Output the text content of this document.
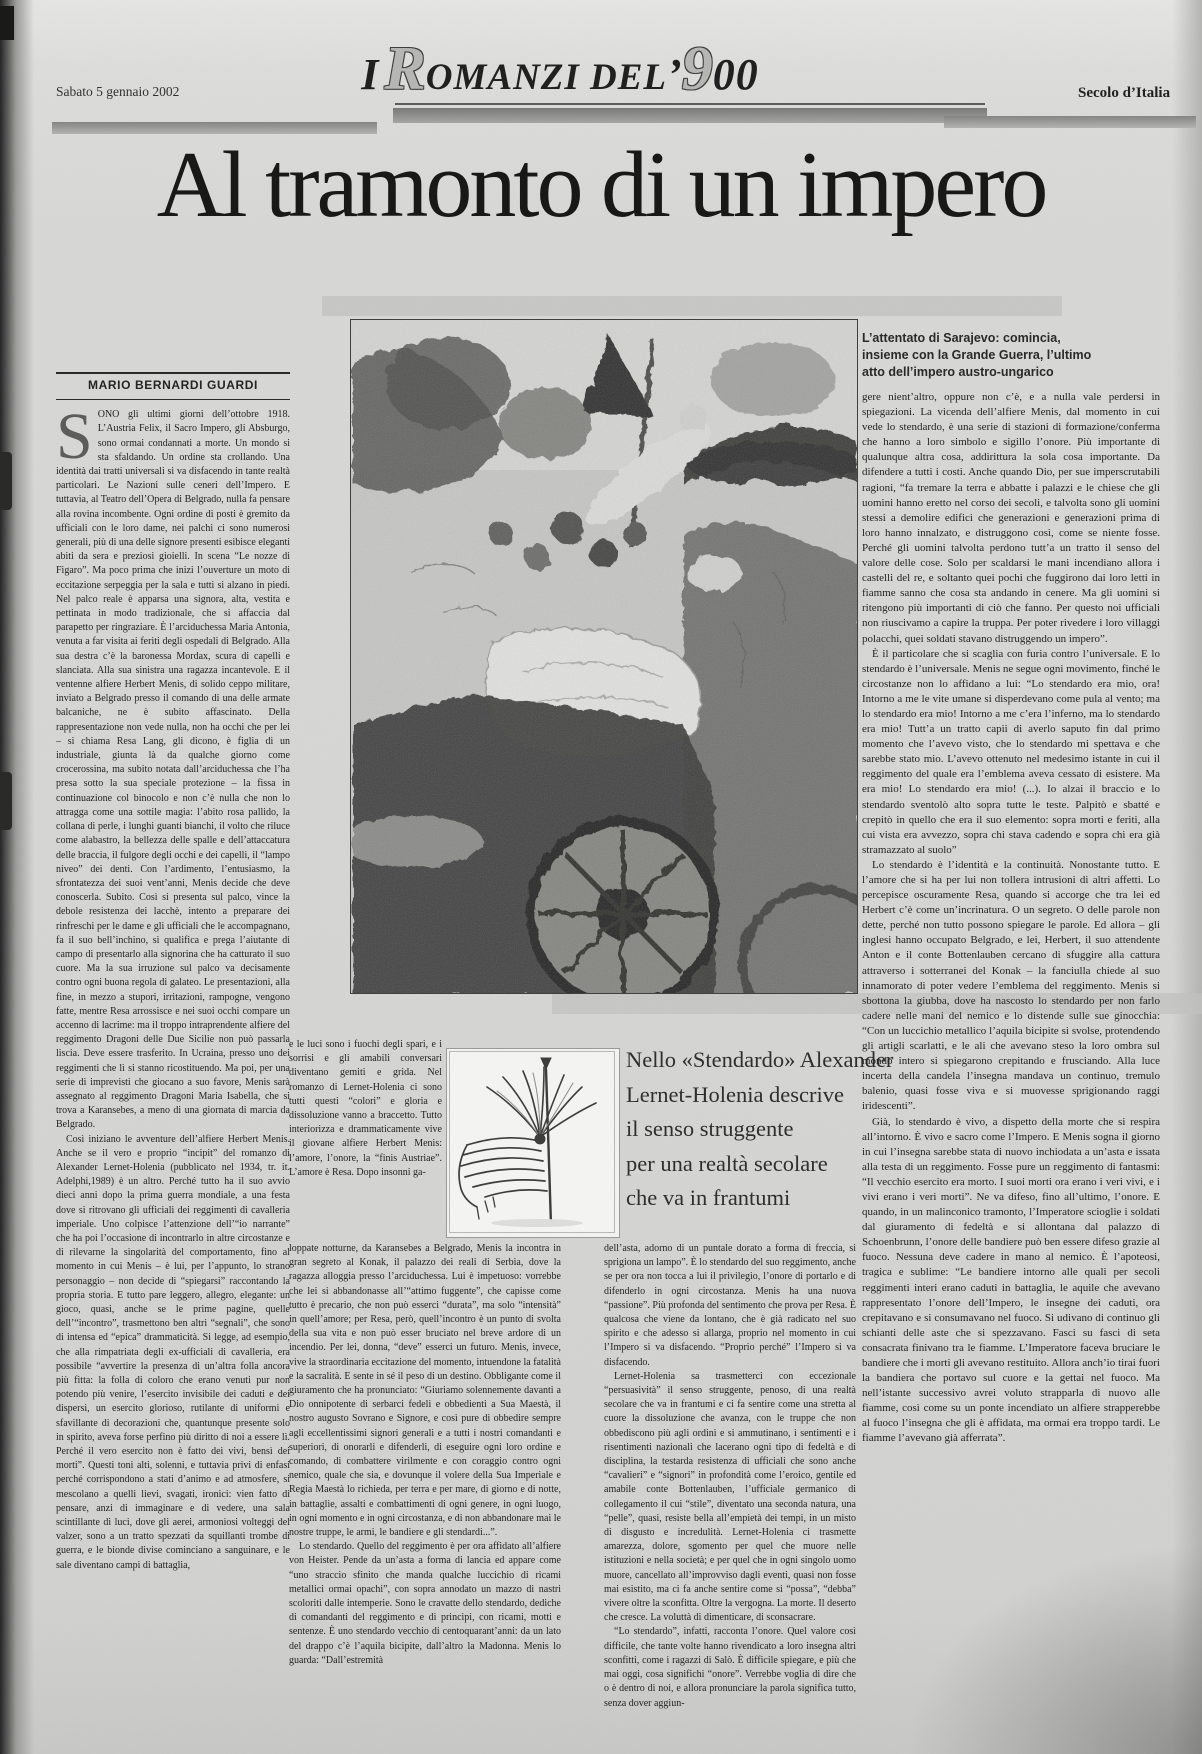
Sabato 5 gennaio 2002	Secolo d’Italia
IROMANZI DEL’900
Al tramonto di un impero
MARIO BERNARDI GUARDI

SONO gli ultimi giorni dell’ottobre 1918. L’Austria Felix, il Sacro Impero, gli Absburgo, sono ormai condannati a morte. Un mondo si sta sfaldando. Un ordine sta crollando. Una identità dai tratti universali si va disfacendo in tante realtà particolari. Le Nazioni sulle ceneri dell’Impero. E tuttavia, al Teatro dell’Opera di Belgrado, nulla fa pensare alla rovina incombente. Ogni ordine di posti è gremito da ufficiali con le loro dame, nei palchi ci sono numerosi generali, più di una delle signore presenti esibisce eleganti abiti da sera e preziosi gioielli. In scena “Le nozze di Figaro”. Ma poco prima che inizi l’ouverture un moto di eccitazione serpeggia per la sala e tutti si alzano in piedi. Nel palco reale è apparsa una signora, alta, vestita e pettinata in modo tradizionale, che si affaccia dal parapetto per ringraziare. È l’arciduchessa Maria Antonia, venuta a far visita ai feriti degli ospedali di Belgrado. Alla sua destra c’è la baronessa Mordax, scura di capelli e slanciata. Alla sua sinistra una ragazza incantevole. E il ventenne alfiere Herbert Menis, di solido ceppo militare, inviato a Belgrado presso il comando di una delle armate balcaniche, ne è subito affascinato. Della rappresentazione non vede nulla, non ha occhi che per lei – si chiama Resa Lang, gli dicono, è figlia di un industriale, giunta là da qualche giorno come crocerossina, ma subito notata dall’arciduchessa che l’ha presa sotto la sua speciale protezione – la fissa in continuazione col binocolo e non c’è nulla che non lo attragga come una sottile magia: l’abito rosa pallido, la collana di perle, i lunghi guanti bianchi, il volto che riluce come alabastro, la bellezza delle spalle e dell’attaccatura delle braccia, il fulgore degli occhi e dei capelli, il “lampo niveo” dei denti. Con l’ardimento, l’entusiasmo, la sfrontatezza dei suoi vent’anni, Menis decide che deve conoscerla. Subito. Così si presenta sul palco, vince la debole resistenza dei lacchè, intento a preparare dei rinfreschi per le dame e gli ufficiali che le accompagnano, fa il suo bell’inchino, si qualifica e prega l’aiutante di campo di presentarlo alla signorina che ha catturato il suo cuore. Ma la sua irruzione sul palco va decisamente contro ogni buona regola di galateo. Le presentazioni, alla fine, in mezzo a stupori, irritazioni, rampogne, vengono fatte, mentre Resa arrossisce e nei suoi occhi compare un accenno di lacrime: ma il troppo intraprendente alfiere del reggimento Dragoni delle Due Sicilie non può passarla liscia. Deve essere trasferito. In Ucraina, presso uno dei reggimenti che lì si stanno ricostituendo. Ma poi, per una serie di imprevisti che giocano a suo favore, Menis sarà assegnato al reggimento Dragoni Maria Isabella, che si trova a Karansebes, a meno di una giornata di marcia da Belgrado.

Così iniziano le avventure dell’alfiere Herbert Menis. Anche se il vero e proprio “incipit” del romanzo di Alexander Lernet-Holenia (pubblicato nel 1934, tr. it. Adelphi,1989) è un altro. Perché tutto ha il suo avvio dieci anni dopo la prima guerra mondiale, a una festa dove si ritrovano gli ufficiali dei reggimenti di cavalleria imperiale. Uno colpisce l’attenzione dell’“io narrante” che ha poi l’occasione di incontrarlo in altre circostanze e di rilevarne la singolarità del comportamento, fino al momento in cui Menis – è lui, per l’appunto, lo strano personaggio – non decide di “spiegarsi” raccontando la propria storia. E tutto pare leggero, allegro, elegante: un gioco, quasi, anche se le prime pagine, quelle dell’“incontro”, trasmettono ben altri “segnali”, che sono di intensa ed “epica” drammaticità. Si legge, ad esempio, che alla rimpatriata degli ex-ufficiali di cavalleria, era possibile “avvertire la presenza di un’altra folla ancora più fitta: la folla di coloro che erano venuti pur non potendo più venire, l’esercito invisibile dei caduti e dei dispersi, un esercito glorioso, rutilante di uniformi e sfavillante di decorazioni che, quantunque presente solo in spirito, aveva forse perfino più diritto di noi a essere lì. Perché il vero esercito non è fatto dei vivi, bensì dei morti”. Questi toni alti, solenni, e tuttavia privi di enfasi perché corrispondono a stati d’animo e ad atmosfere, si mescolano a quelli lievi, svagati, ironici: vien fatto di pensare, anzi di immaginare e di vedere, una sala scintillante di luci, dove gli aerei, armoniosi volteggi del valzer, sono a un tratto spezzati da squillanti trombe di guerra, e le bionde divise cominciano a sanguinare, e le sale diventano campi di battaglia,

e le luci sono i fuochi degli spari, e i sorrisi e gli amabili conversari diventano gemiti e grida. Nel romanzo di Lernet-Holenia ci sono tutti questi “colori” e gloria e dissoluzione vanno a braccetto. Tutto interiorizza e drammaticamente vive il giovane alfiere Herbert Menis: l’amore, l’onore, la “finis Austriae”. L’amore è Resa. Dopo insonni ga-

Nello «Stendardo» Alexander
Lernet-Holenia descrive
il senso struggente
per una realtà secolare
che va in frantumi

loppate notturne, da Karansebes a Belgrado, Menis la incontra in gran segreto al Konak, il palazzo dei reali di Serbia, dove la ragazza alloggia presso l’arciduchessa. Lui è impetuoso: vorrebbe che lei si abbandonasse all’“attimo fuggente”, che capisse come tutto è precario, che non può esserci “durata”, ma solo “intensità” in quell’amore; per Resa, però, quell’incontro è un punto di svolta della sua vita e non può esser bruciato nel breve ardore di un incendio. Per lei, donna, “deve” esserci un futuro. Menis, invece, vive la straordinaria eccitazione del momento, intuendone la fatalità e la sacralità. E sente in sé il peso di un destino. Obbligante come il giuramento che ha pronunciato: “Giuriamo solennemente davanti a Dio onnipotente di serbarci fedeli e obbedienti a Sua Maestà, il nostro augusto Sovrano e Signore, e così pure di obbedire sempre agli eccellentissimi signori generali e a tutti i nostri comandanti e superiori, di onorarli e difenderli, di eseguire ogni loro ordine e comando, di combattere virilmente e con coraggio contro ogni nemico, quale che sia, e dovunque il volere della Sua Imperiale e Regia Maestà lo richieda, per terra e per mare, di giorno e di notte, in battaglie, assalti e combattimenti di ogni genere, in ogni luogo, in ogni momento e in ogni circostanza, e di non abbandonare mai le nostre truppe, le armi, le bandiere e gli stendardi...”.

Lo stendardo. Quello del reggimento è per ora affidato all’alfiere von Heister. Pende da un’asta a forma di lancia ed appare come “uno straccio sfinito che manda qualche luccichio di ricami metallici ormai opachi”, con sopra annodato un mazzo di nastri scoloriti dalle intemperie. Sono le cravatte dello stendardo, dediche di comandanti del reggimento e di principi, con ricami, motti e sentenze. È uno stendardo vecchio di centoquarant’anni: da un lato del drappo c’è l’aquila bicipite, dall’altro la Madonna. Menis lo guarda: “Dall’estremità

dell’asta, adorno di un puntale dorato a forma di freccia, si sprigiona un lampo”. È lo stendardo del suo reggimento, anche se per ora non tocca a lui il privilegio, l’onore di portarlo e di difenderlo in ogni circostanza. Menis ha una nuova “passione”. Più profonda del sentimento che prova per Resa. È qualcosa che viene da lontano, che è già radicato nel suo spirito e che adesso si allarga, proprio nel momento in cui l’Impero si va disfacendo. “Proprio perché” l’Impero si va disfacendo.

Lernet-Holenia sa trasmetterci con eccezionale “persuasività” il senso struggente, penoso, di una realtà secolare che va in frantumi e ci fa sentire come una stretta al cuore la dissoluzione che avanza, con le truppe che non obbediscono più agli ordini e si ammutinano, i sentimenti e i risentimenti nazionali che lacerano ogni tipo di fedeltà e di disciplina, la testarda resistenza di ufficiali che sono anche “cavalieri” e “signori” in profondità come l’eroico, gentile ed amabile conte Bottenlauben, l’ufficiale germanico di collegamento il cui “stile”, diventato una seconda natura, una “pelle”, quasi, resiste bella all’empietà dei tempi, in un misto di disgusto e incredulità. Lernet-Holenia ci trasmette amarezza, dolore, sgomento per quel che muore nelle istituzioni e nella società; e per quel che in ogni singolo uomo muore, cancellato all’improvviso dagli eventi, quasi non fosse mai esistito, ma ci fa anche sentire come si “possa”, “debba” vivere oltre la sconfitta. Oltre la vergogna. La morte. Il deserto che cresce. La voluttà di dimenticare, di sconsacrare.

“Lo stendardo”, infatti, racconta l’onore. Quel valore così difficile, che tante volte hanno rivendicato a loro insegna altri sconfitti, come i ragazzi di Salò. È difficile spiegare, e più che mai oggi, cosa significhi “onore”. Verrebbe voglia di dire che o è dentro di noi, e allora pronunciare la parola significa tutto, senza dover aggiun-

L’attentato di Sarajevo: comincia,
insieme con la Grande Guerra, l’ultimo
atto dell’impero austro-ungarico

gere nient’altro, oppure non c’è, e a nulla vale perdersi in spiegazioni. La vicenda dell’alfiere Menis, dal momento in cui vede lo stendardo, è una serie di stazioni di formazione/conferma che hanno a loro simbolo e sigillo l’onore. Più importante di qualunque altra cosa, addirittura la sola cosa importante. Da difendere a tutti i costi. Anche quando Dio, per sue imperscrutabili ragioni, “fa tremare la terra e abbatte i palazzi e le chiese che gli uomini hanno eretto nel corso dei secoli, e talvolta sono gli uomini stessi a demolire edifici che generazioni e generazioni prima di loro hanno innalzato, e distruggono così, come se niente fosse. Perché gli uomini talvolta perdono tutt’a un tratto il senso del valore delle cose. Solo per scaldarsi le mani incendiano allora i castelli del re, e soltanto quei pochi che fuggirono dai loro letti in fiamme sanno che cosa sta andando in cenere. Ma gli uomini si ritengono più importanti di ciò che fanno. Per questo noi ufficiali non riuscivamo a capire la truppa. Per poter rivedere i loro villaggi polacchi, quei soldati stavano distruggendo un impero”.

È il particolare che si scaglia con furia contro l’universale. E lo stendardo è l’universale. Menis ne segue ogni movimento, finché le circostanze non lo affidano a lui: “Lo stendardo era mio, ora! Intorno a me le vite umane si disperdevano come pula al vento; ma lo stendardo era mio! Intorno a me c’era l’inferno, ma lo stendardo era mio! Tutt’a un tratto capii di averlo saputo fin dal primo momento che l’avevo visto, che lo stendardo mi spettava e che sarebbe stato mio. L’avevo ottenuto nel medesimo istante in cui il reggimento del quale era l’emblema aveva cessato di esistere. Ma era mio! Lo stendardo era mio! (...). Io alzai il braccio e lo stendardo sventolò alto sopra tutte le teste. Palpitò e sbatté e crepitò in quello che era il suo elemento: sopra morti e feriti, alla cui vista era avvezzo, sopra chi stava cadendo e sopra chi era già stramazzato al suolo”

Lo stendardo è l’identità e la continuità. Nonostante tutto. E l’amore che si ha per lui non tollera intrusioni di altri affetti. Lo percepisce oscuramente Resa, quando si accorge che tra lei ed Herbert c’è come un’incrinatura. O un segreto. O delle parole non dette, perché non tutto possono spiegare le parole. Ed allora – gli inglesi hanno occupato Belgrado, e lei, Herbert, il suo attendente Anton e il conte Bottenlauben cercano di sfuggire alla cattura attraverso i sotterranei del Konak – la fanciulla chiede al suo innamorato di poter vedere l’emblema del reggimento. Menis si sbottona la giubba, dove ha nascosto lo stendardo per non farlo cadere nelle mani del nemico e lo distende sulle sue ginocchia: “Con un luccichio metallico l’aquila bicipite si svolse, protendendo gli artigli scarlatti, e le ali che avevano steso la loro ombra sul mondo intero si spiegarono crepitando e frusciando. Alla luce incerta della candela l’insegna mandava un continuo, tremulo balenio, quasi fosse viva e si muovesse sprigionando raggi iridescenti”.

Già, lo stendardo è vivo, a dispetto della morte che si respira all’intorno. È vivo e sacro come l’Impero. E Menis sogna il giorno in cui l’insegna sarebbe stata di nuovo inchiodata a un’asta e issata alla testa di un reggimento. Fosse pure un reggimento di fantasmi: “Il vecchio esercito era morto. I suoi morti ora erano i veri vivi, e i vivi erano i veri morti”. Ne va difeso, fino all’ultimo, l’onore. E quando, in un malinconico tramonto, l’Imperatore scioglie i soldati dal giuramento di fedeltà e si allontana dal palazzo di Schoenbrunn, l’onore delle bandiere può ben essere difeso grazie al fuoco. Nessuna deve cadere in mano al nemico. È l’apoteosi, tragica e sublime: “Le bandiere intorno alle quali per secoli reggimenti interi erano caduti in battaglia, le aquile che avevano rappresentato l’onore dell’Impero, le insegne dei caduti, ora crepitavano e si consumavano nel fuoco. Si udivano di continuo gli schianti delle aste che si spezzavano. Fasci su fasci di seta consacrata finivano tra le fiamme. L’Imperatore faceva bruciare le bandiere che i morti gli avevano restituito. Allora anch’io tirai fuori la bandiera che portavo sul cuore e la gettai nel fuoco. Ma nell’istante successivo avrei voluto strapparla di nuovo alle fiamme, così come su un ponte incendiato un alfiere strapperebbe al fuoco l’insegna che gli è affidata, ma ormai era troppo tardi. Le fiamme l’avevano già afferrata”.
